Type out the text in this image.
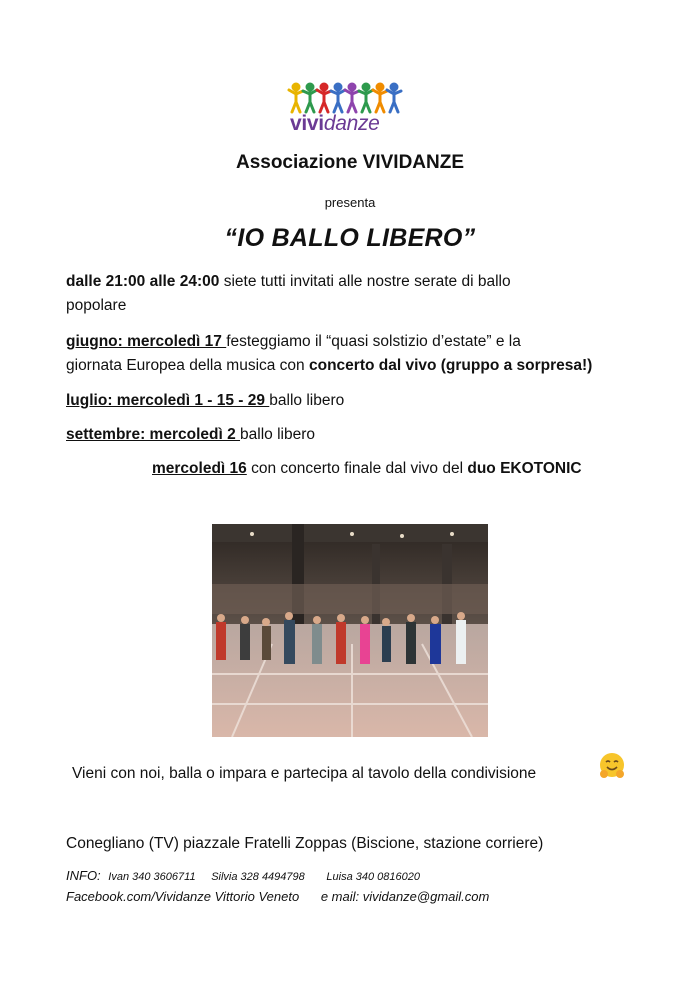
vividanze
Associazione VIVIDANZE
presenta
“IO BALLO LIBERO”
dalle 21:00 alle 24:00 siete tutti invitati alle nostre serate di ballo
popolare
giugno: mercoledì 17 festeggiamo il “quasi solstizio d’estate” e la
giornata Europea della musica con concerto dal vivo (gruppo a sorpresa!)
luglio: mercoledì 1 - 15 - 29 ballo libero
settembre: mercoledì 2 ballo libero
mercoledì 16 con concerto finale dal vivo del duo EKOTONIC
Vieni con noi, balla o impara e partecipa al tavolo della condivisione
Conegliano (TV) piazzale Fratelli Zoppas (Biscione, stazione corriere)
INFO: Ivan 340 3606711 Silvia 328 4494798 Luisa 340 0816020
Facebook.com/Vividanze Vittorio Veneto e mail: vividanze@gmail.com
